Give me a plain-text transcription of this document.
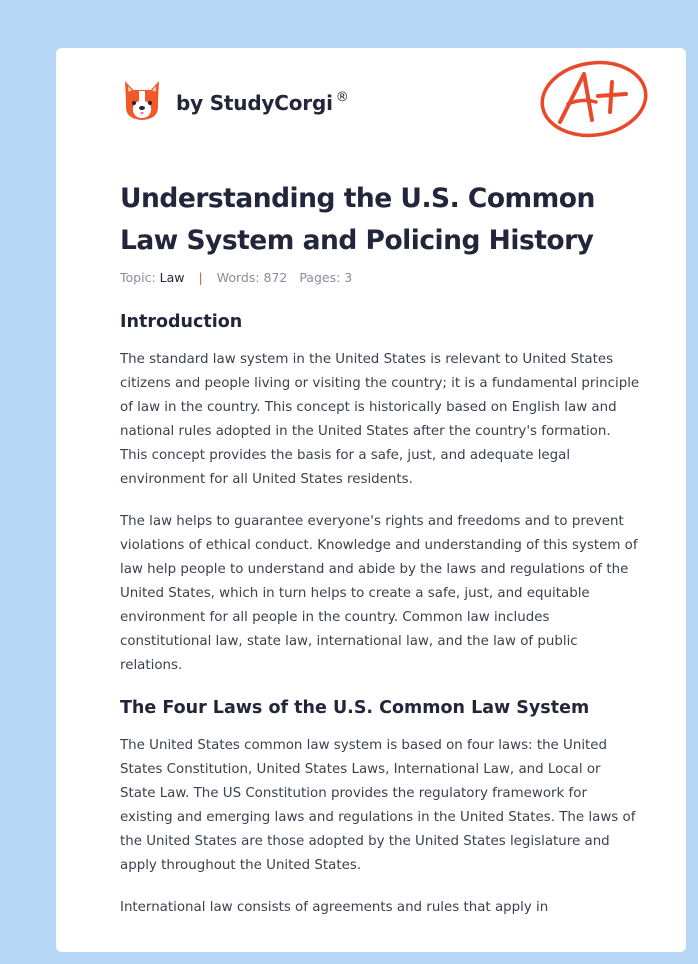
by StudyCorgi ®
Understanding the U.S. Common Law System and Policing History
Topic: Law | Words: 872 Pages: 3
Introduction

The standard law system in the United States is relevant to United States citizens and people living or visiting the country; it is a fundamental principle of law in the country. This concept is historically based on English law and national rules adopted in the United States after the country's formation. This concept provides the basis for a safe, just, and adequate legal environment for all United States residents.

The law helps to guarantee everyone's rights and freedoms and to prevent violations of ethical conduct. Knowledge and understanding of this system of law help people to understand and abide by the laws and regulations of the United States, which in turn helps to create a safe, just, and equitable environment for all people in the country. Common law includes constitutional law, state law, international law, and the law of public relations.

The Four Laws of the U.S. Common Law System

The United States common law system is based on four laws: the United States Constitution, United States Laws, International Law, and Local or State Law. The US Constitution provides the regulatory framework for existing and emerging laws and regulations in the United States. The laws of the United States are those adopted by the United States legislature and apply throughout the United States.

International law consists of agreements and rules that apply in
